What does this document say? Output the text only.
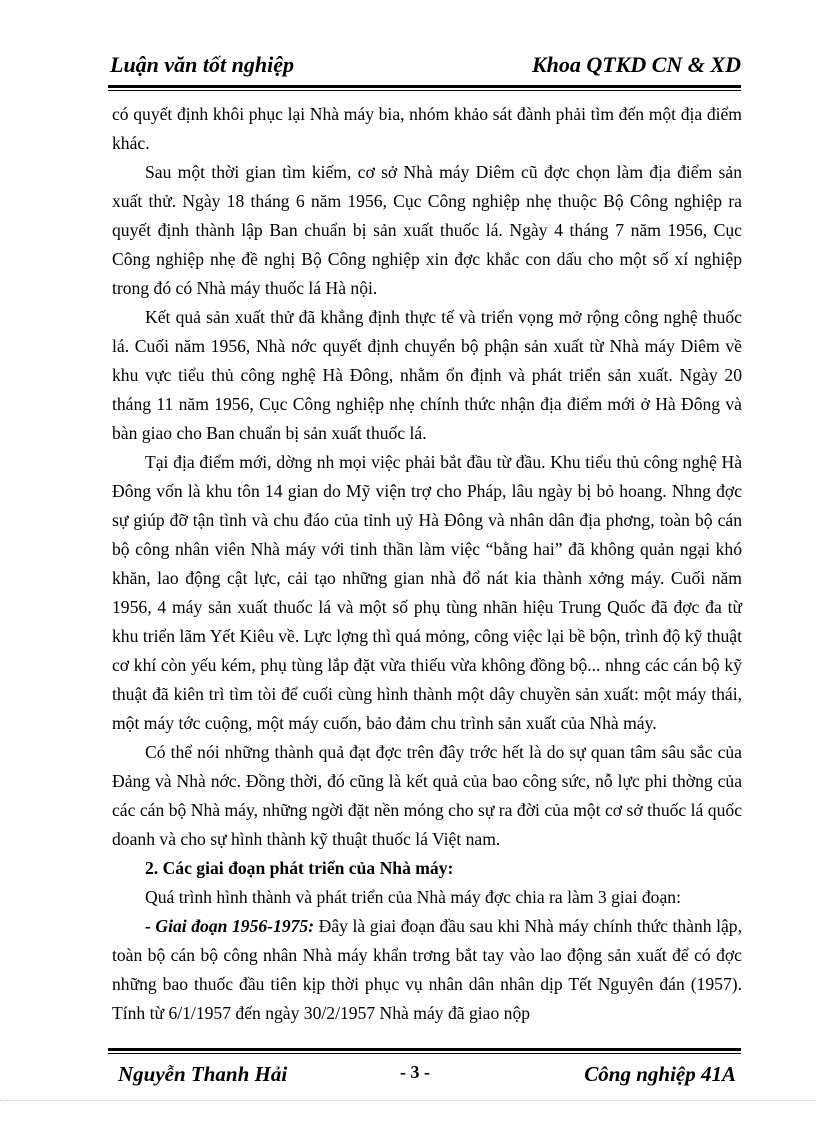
Luận văn tốt nghiệp	Khoa QTKD CN & XD

có quyết định khôi phục lại Nhà máy bia, nhóm khảo sát đành phải tìm đến một địa điểm khác.

Sau một thời gian tìm kiếm, cơ sở Nhà máy Diêm cũ đợc chọn làm địa điểm sản xuất thử. Ngày 18 tháng 6 năm 1956, Cục Công nghiệp nhẹ thuộc Bộ Công nghiệp ra quyết định thành lập Ban chuẩn bị sản xuất thuốc lá. Ngày 4 tháng 7 năm 1956, Cục Công nghiệp nhẹ đề nghị Bộ Công nghiệp xin đợc khắc con dấu cho một số xí nghiệp trong đó có Nhà máy thuốc lá Hà nội.

Kết quả sản xuất thử đã khẳng định thực tế và triển vọng mở rộng công nghệ thuốc lá. Cuối năm 1956, Nhà nớc quyết định chuyển bộ phận sản xuất từ Nhà máy Diêm về khu vực tiểu thủ công nghệ Hà Đông, nhằm ổn định và phát triển sản xuất. Ngày 20 tháng 11 năm 1956, Cục Công nghiệp nhẹ chính thức nhận địa điểm mới ở Hà Đông và bàn giao cho Ban chuẩn bị sản xuất thuốc lá.

Tại địa điểm mới, dờng nh mọi việc phải bắt đầu từ đầu. Khu tiểu thủ công nghệ Hà Đông vốn là khu tôn 14 gian do Mỹ viện trợ cho Pháp, lâu ngày bị bỏ hoang. Nhng đợc sự giúp đỡ tận tình và chu đáo của tỉnh uỷ Hà Đông và nhân dân địa phơng, toàn bộ cán bộ công nhân viên Nhà máy với tinh thần làm việc “bằng hai” đã không quản ngại khó khăn, lao động cật lực, cải tạo những gian nhà đổ nát kia thành xởng máy. Cuối năm 1956, 4 máy sản xuất thuốc lá và một số phụ tùng nhãn hiệu Trung Quốc đã đợc đa từ khu triển lãm Yết Kiêu về. Lực lợng thì quá mỏng, công việc lại bề bộn, trình độ kỹ thuật cơ khí còn yếu kém, phụ tùng lắp đặt vừa thiếu vừa không đồng bộ... nhng các cán bộ kỹ thuật đã kiên trì tìm tòi để cuối cùng hình thành một dây chuyền sản xuất: một máy thái, một máy tớc cuộng, một máy cuốn, bảo đảm chu trình sản xuất của Nhà máy.

Có thể nói những thành quả đạt đợc trên đây trớc hết là do sự quan tâm sâu sắc của Đảng và Nhà nớc. Đồng thời, đó cũng là kết quả của bao công sức, nỗ lực phi thờng của các cán bộ Nhà máy, những ngời đặt nền móng cho sự ra đời của một cơ sở thuốc lá quốc doanh và cho sự hình thành kỹ thuật thuốc lá Việt nam.

2. Các giai đoạn phát triển của Nhà máy:

Quá trình hình thành và phát triển của Nhà máy đợc chia ra làm 3 giai đoạn:

- Giai đoạn 1956-1975: Đây là giai đoạn đầu sau khi Nhà máy chính thức thành lập, toàn bộ cán bộ công nhân Nhà máy khẩn trơng bắt tay vào lao động sản xuất để có đợc những bao thuốc đầu tiên kịp thời phục vụ nhân dân nhân dịp Tết Nguyên đán (1957). Tính từ 6/1/1957 đến ngày 30/2/1957 Nhà máy đã giao nộp

Nguyễn Thanh Hải	- 3 -	Công nghiệp 41A
